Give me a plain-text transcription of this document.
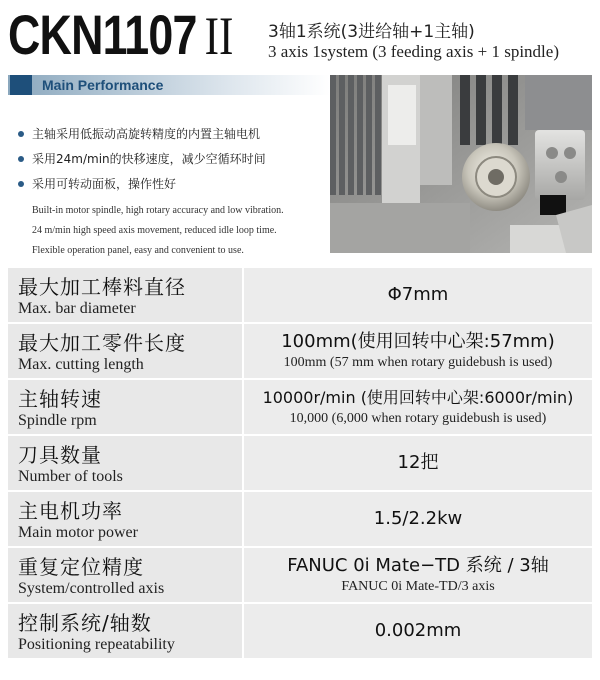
CKN1107 II 3轴1系统(3进给轴+1主轴)
3 axis 1system (3 feeding axis + 1 spindle)
Main Performance
主轴采用低振动高旋转精度的内置主轴电机
采用24m/min的快移速度，减少空循环时间
采用可转动面板，操作性好
Built-in motor spindle, high rotary accuracy and low vibration.
24 m/min high speed axis movement, reduced idle loop time.
Flexible operation panel, easy and convenient to use.
最大加工棒料直径
Max. bar diameter
Φ7mm
最大加工零件长度
Max. cutting length
100mm(使用回转中心架:57mm)
100mm (57 mm when rotary guidebush is used)
主轴转速
Spindle rpm
10000r/min (使用回转中心架:6000r/min)
10,000 (6,000 when rotary guidebush is used)
刀具数量
Number of tools
12把
主电机功率
Main motor power
1.5/2.2kw
重复定位精度
System/controlled axis
FANUC 0i Mate−TD 系统 / 3轴
FANUC 0i Mate-TD/3 axis
控制系统/轴数
Positioning repeatability
0.002mm
